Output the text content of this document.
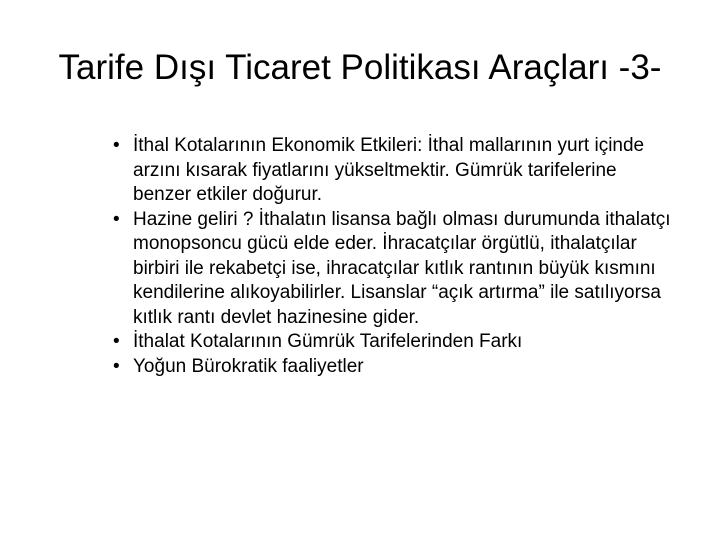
Tarife Dışı Ticaret Politikası Araçları -3-
• İthal Kotalarının Ekonomik Etkileri: İthal mallarının yurt içinde arzını kısarak fiyatlarını yükseltmektir. Gümrük tarifelerine benzer etkiler doğurur.
• Hazine geliri ? İthalatın lisansa bağlı olması durumunda ithalatçı monopsoncu gücü elde eder. İhracatçılar örgütlü, ithalatçılar birbiri ile rekabetçi ise, ihracatçılar kıtlık rantının büyük kısmını kendilerine alıkoyabilirler. Lisanslar “açık artırma” ile satılıyorsa kıtlık rantı devlet hazinesine gider.
• İthalat Kotalarının Gümrük Tarifelerinden Farkı
• Yoğun Bürokratik faaliyetler
